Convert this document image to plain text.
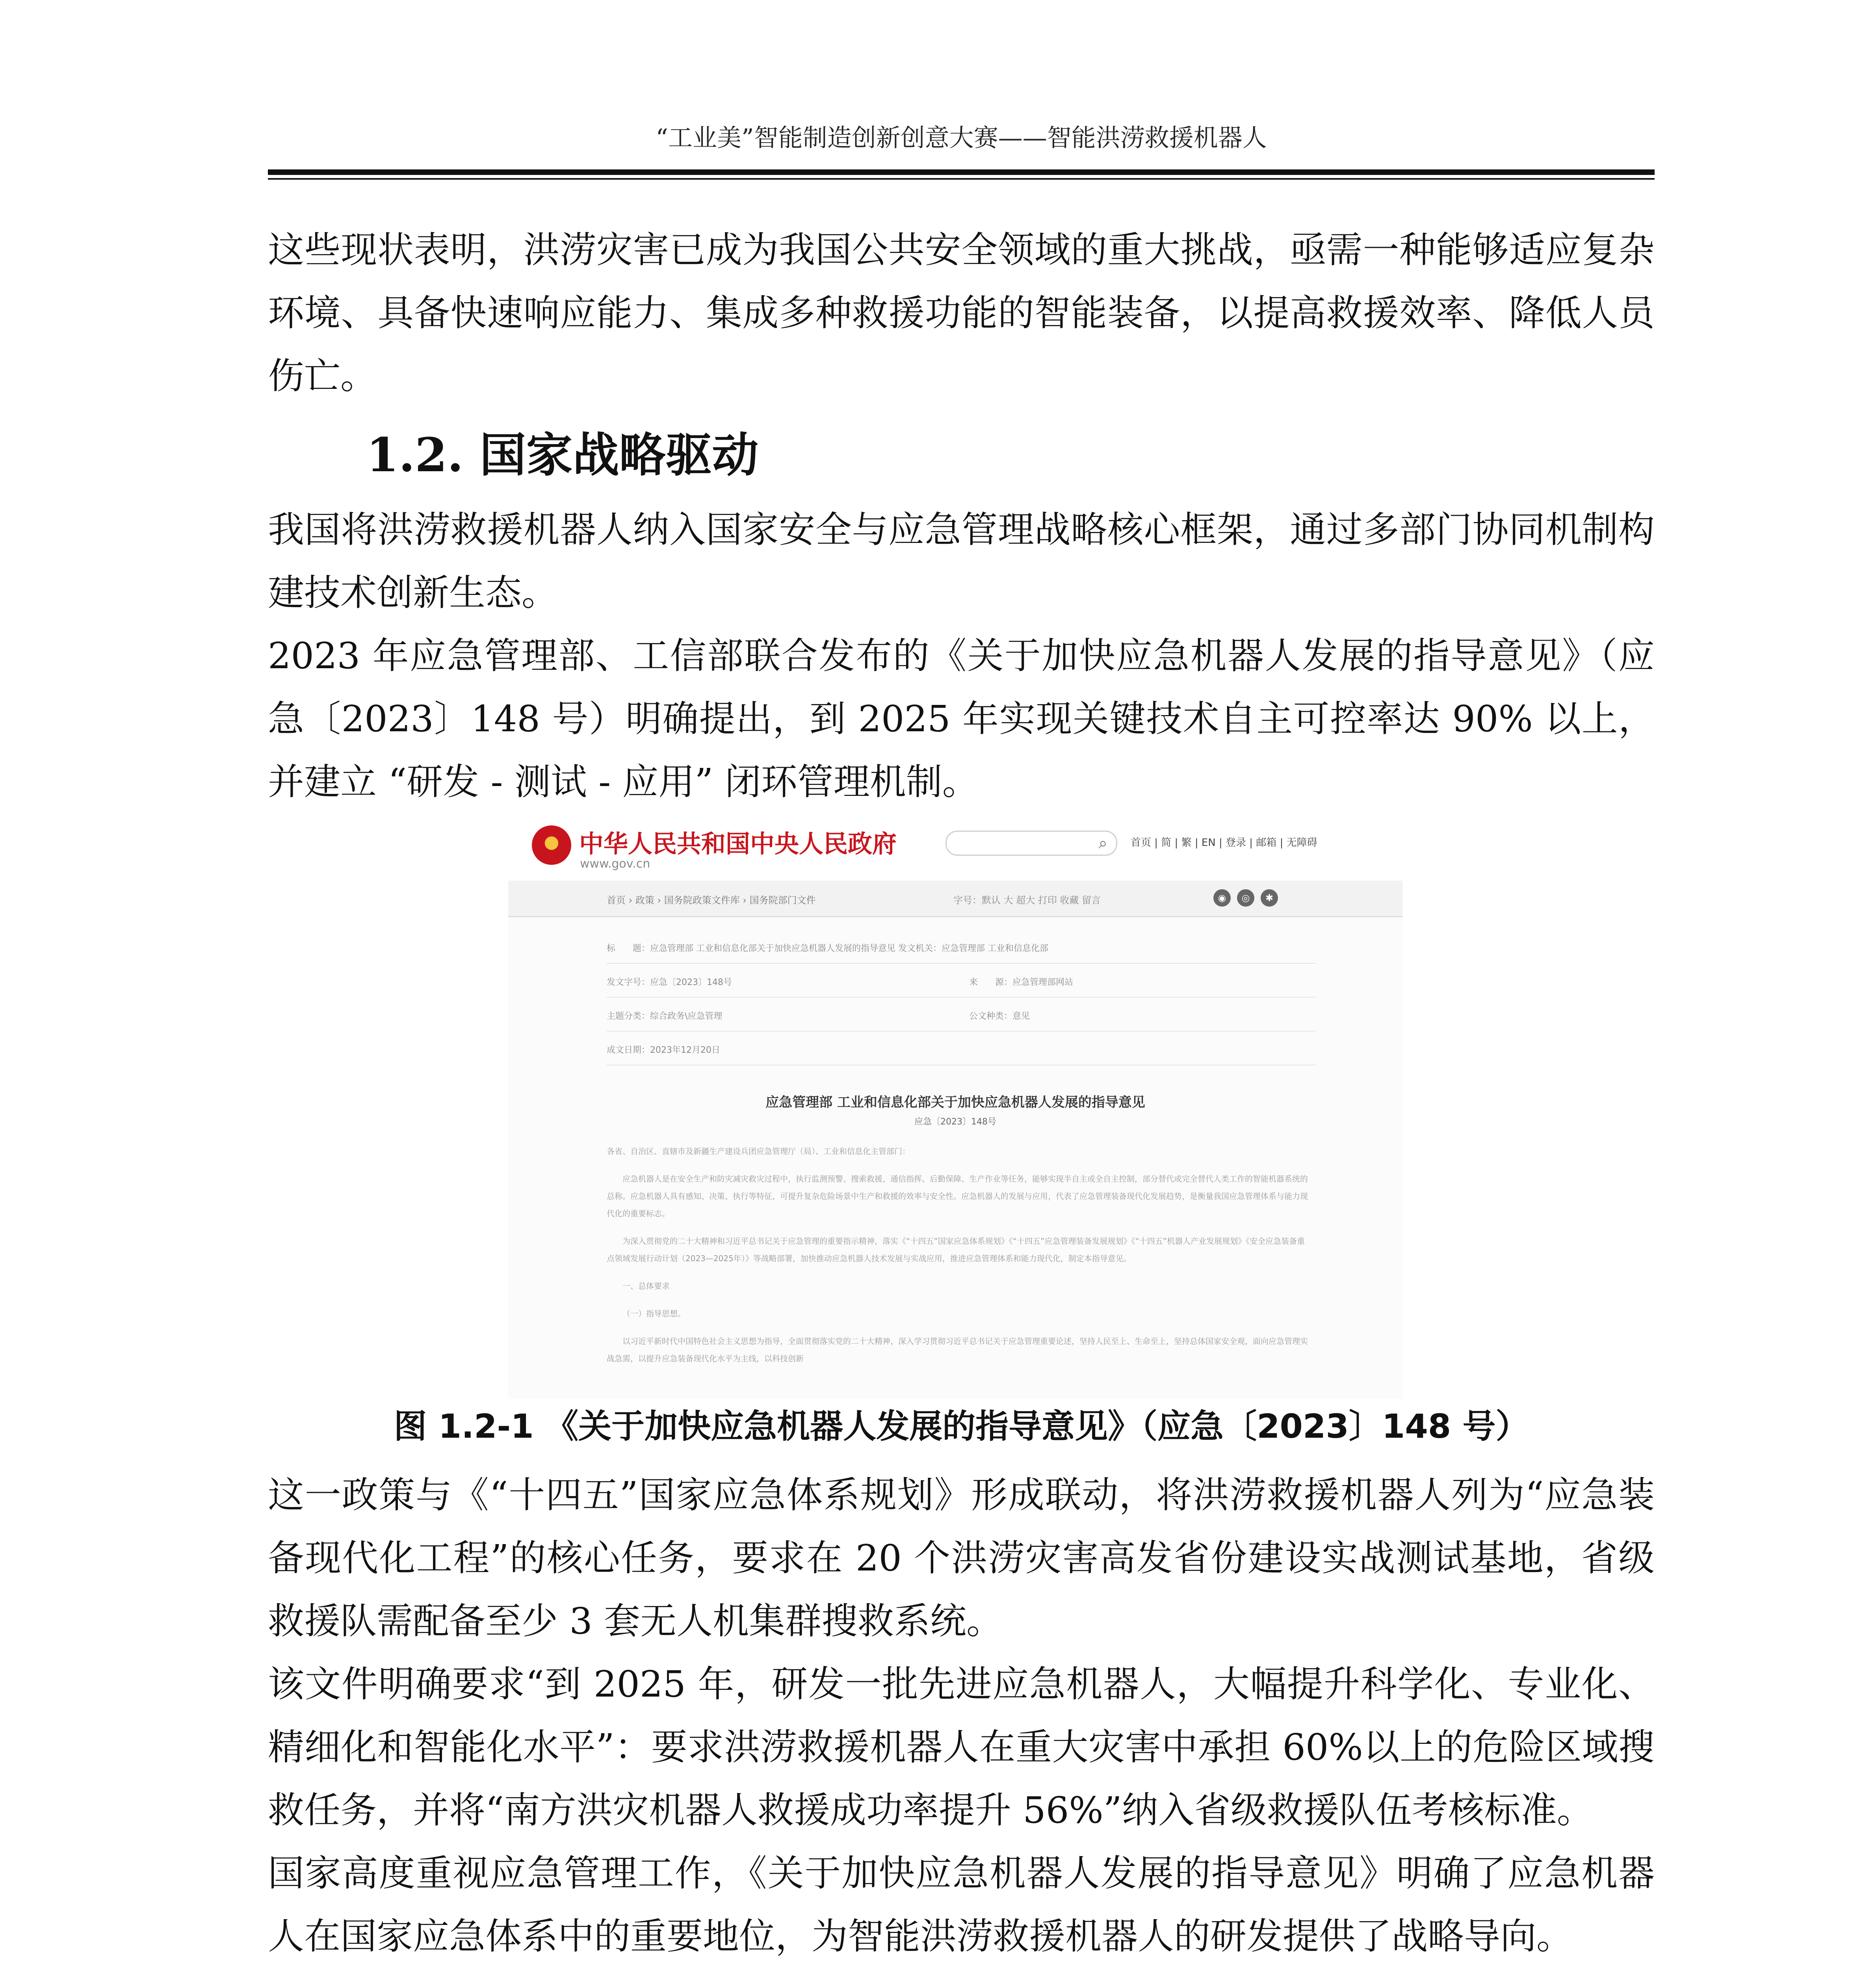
“工业美”智能制造创新创意大赛——智能洪涝救援机器人

这些现状表明，洪涝灾害已成为我国公共安全领域的重大挑战，亟需一种能够适应复杂环境、具备快速响应能力、集成多种救援功能的智能装备，以提高救援效率、降低人员伤亡。

1.2. 国家战略驱动

我国将洪涝救援机器人纳入国家安全与应急管理战略核心框架，通过多部门协同机制构建技术创新生态。

2023 年应急管理部、工信部联合发布的《关于加快应急机器人发展的指导意见》（应急〔2023〕148 号）明确提出，到 2025 年实现关键技术自主可控率达 90% 以上，并建立 “研发 - 测试 - 应用” 闭环管理机制。

中华人民共和国中央人民政府
www.gov.cn
⌕ 首页 | 简 | 繁 | EN | 登录 | 邮箱 | 无障碍
首页 › 政策 › 国务院政策文件库 › 国务院部门文件	字号：默认 大 超大 打印 收藏 留言	◉	◎	✱
标　　题：应急管理部 工业和信息化部关于加快应急机器人发展的指导意见 发文机关：应急管理部 工业和信息化部
发文字号：应急〔2023〕148号	来　　源：应急管理部网站
主题分类：综合政务\应急管理	公文种类：意见
成文日期：2023年12月20日
应急管理部 工业和信息化部关于加快应急机器人发展的指导意见
应急〔2023〕148号

各省、自治区、直辖市及新疆生产建设兵团应急管理厅（局）、工业和信息化主管部门：

应急机器人是在安全生产和防灾减灾救灾过程中，执行监测预警、搜索救援、通信指挥、后勤保障、生产作业等任务，能够实现半自主或全自主控制，部分替代或完全替代人类工作的智能机器系统的总称。应急机器人具有感知、决策、执行等特征，可提升复杂危险场景中生产和救援的效率与安全性。应急机器人的发展与应用，代表了应急管理装备现代化发展趋势，是衡量我国应急管理体系与能力现代化的重要标志。

为深入贯彻党的二十大精神和习近平总书记关于应急管理的重要指示精神，落实《“十四五”国家应急体系规划》《“十四五”应急管理装备发展规划》《“十四五”机器人产业发展规划》《安全应急装备重点领域发展行动计划（2023—2025年）》等战略部署，加快推动应急机器人技术发展与实战应用，推进应急管理体系和能力现代化，制定本指导意见。

一、总体要求

（一）指导思想。

以习近平新时代中国特色社会主义思想为指导，全面贯彻落实党的二十大精神，深入学习贯彻习近平总书记关于应急管理重要论述，坚持人民至上、生命至上，坚持总体国家安全观，面向应急管理实战急需，以提升应急装备现代化水平为主线，以科技创新

图 1.2-1 《关于加快应急机器人发展的指导意见》（应急〔2023〕148 号）

这一政策与《“十四五”国家应急体系规划》形成联动，将洪涝救援机器人列为“应急装备现代化工程”的核心任务，要求在 20 个洪涝灾害高发省份建设实战测试基地，省级救援队需配备至少 3 套无人机集群搜救系统。

该文件明确要求“到 2025 年，研发一批先进应急机器人，大幅提升科学化、专业化、精细化和智能化水平”：要求洪涝救援机器人在重大灾害中承担 60%以上的危险区域搜救任务，并将“南方洪灾机器人救援成功率提升 56%”纳入省级救援队伍考核标准。

国家高度重视应急管理工作，《关于加快应急机器人发展的指导意见》明确了应急机器人在国家应急体系中的重要地位，为智能洪涝救援机器人的研发提供了战略导向。
